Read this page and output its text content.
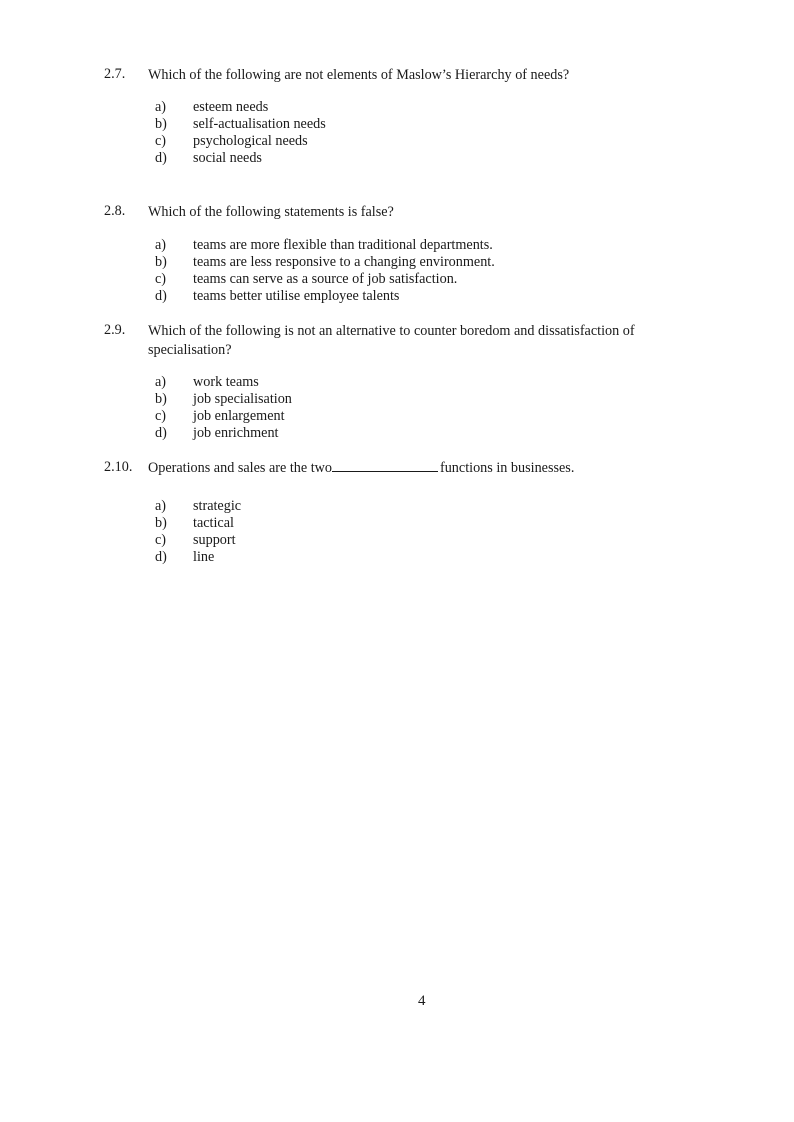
2.7. Which of the following are not elements of Maslow’s Hierarchy of needs?
a) esteem needs
b) self-actualisation needs
c) psychological needs
d) social needs
2.8. Which of the following statements is false?
a) teams are more flexible than traditional departments.
b) teams are less responsive to a changing environment.
c) teams can serve as a source of job satisfaction.
d) teams better utilise employee talents
2.9. Which of the following is not an alternative to counter boredom and dissatisfaction of specialisation?
a) work teams
b) job specialisation
c) job enlargement
d) job enrichment
2.10. Operations and sales are the two	functions in businesses.
a) strategic
b) tactical
c) support
d) line
4
